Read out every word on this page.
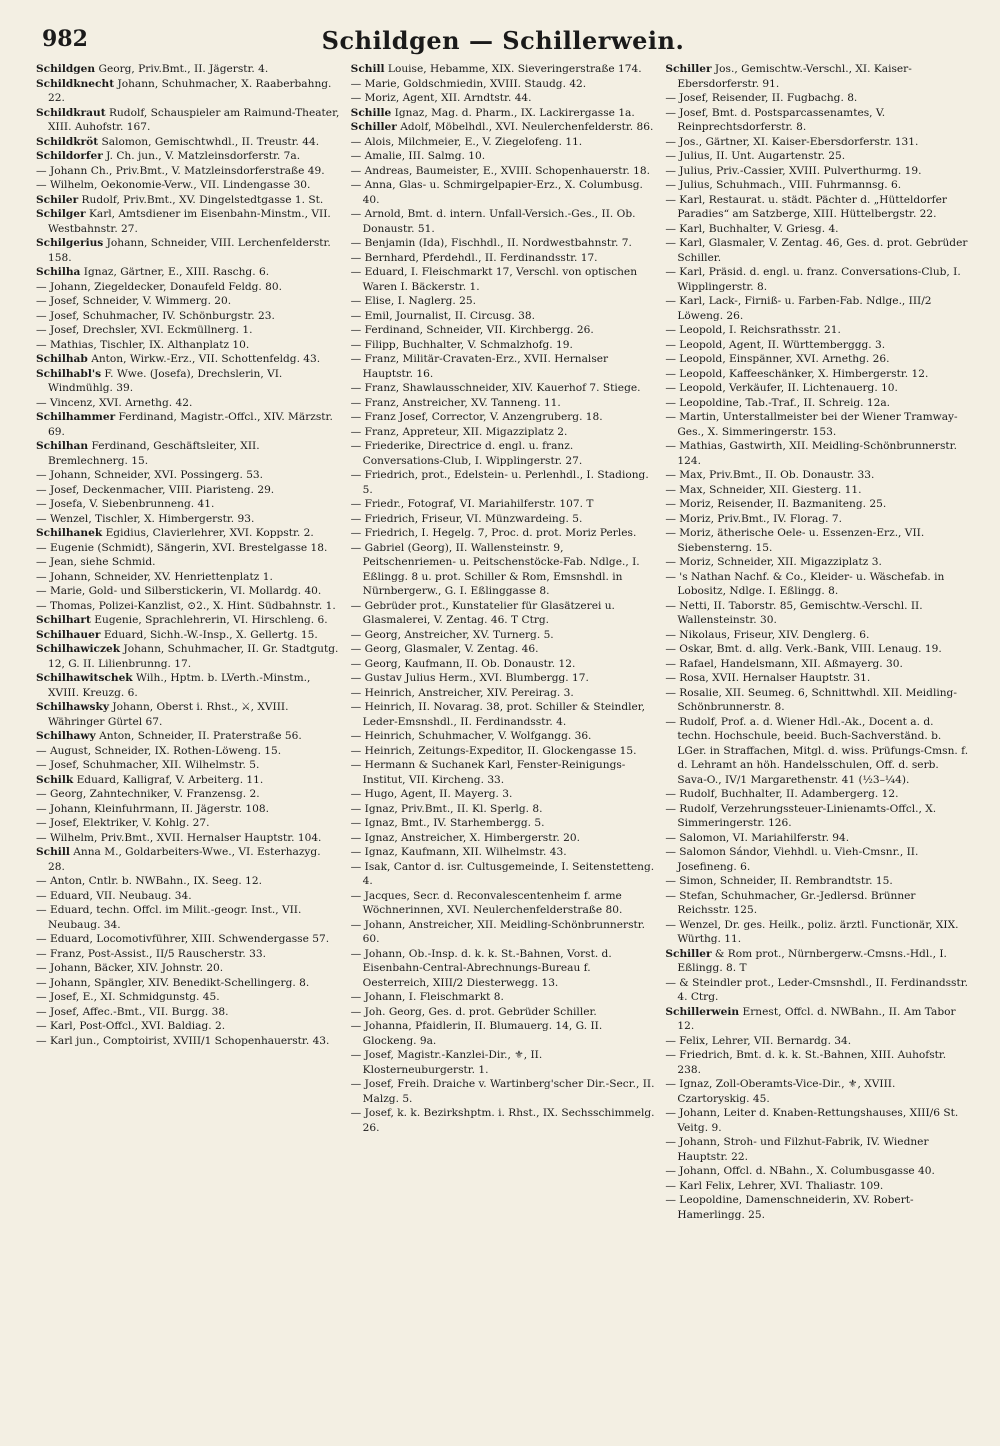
982	Schildgen — Schillerwein.

Schildgen Georg, Priv.Bmt., II. Jägerstr. 4.

Schildknecht Johann, Schuhmacher, X. Raaberbahng. 22.

Schildkraut Rudolf, Schauspieler am Raimund-Theater, XIII. Auhofstr. 167.

Schildkröt Salomon, Gemischtwhdl., II. Treustr. 44.

Schildorfer J. Ch. jun., V. Matzleinsdorferstr. 7a.

— Johann Ch., Priv.Bmt., V. Matzleinsdorferstraße 49.

— Wilhelm, Oekonomie-Verw., VII. Lindengasse 30.

Schiler Rudolf, Priv.Bmt., XV. Dingelstedtgasse 1. St.

Schilger Karl, Amtsdiener im Eisenbahn-Minstm., VII. Westbahnstr. 27.

Schilgerius Johann, Schneider, VIII. Lerchenfelderstr. 158.

Schilha Ignaz, Gärtner, E., XIII. Raschg. 6.

— Johann, Ziegeldecker, Donaufeld Feldg. 80.

— Josef, Schneider, V. Wimmerg. 20.

— Josef, Schuhmacher, IV. Schönburgstr. 23.

— Josef, Drechsler, XVI. Eckmüllnerg. 1.

— Mathias, Tischler, IX. Althanplatz 10.

Schilhab Anton, Wirkw.-Erz., VII. Schottenfeldg. 43.

Schilhabl's F. Wwe. (Josefa), Drechslerin, VI. Windmühlg. 39.

— Vincenz, XVI. Arnethg. 42.

Schilhammer Ferdinand, Magistr.-Offcl., XIV. Märzstr. 69.

Schilhan Ferdinand, Geschäftsleiter, XII. Bremlechnerg. 15.

— Johann, Schneider, XVI. Possingerg. 53.

— Josef, Deckenmacher, VIII. Piaristeng. 29.

— Josefa, V. Siebenbrunneng. 41.

— Wenzel, Tischler, X. Himbergerstr. 93.

Schilhanek Egidius, Clavierlehrer, XVI. Koppstr. 2.

— Eugenie (Schmidt), Sängerin, XVI. Brestelgasse 18.

— Jean, siehe Schmid.

— Johann, Schneider, XV. Henriettenplatz 1.

— Marie, Gold- und Silberstickerin, VI. Mollardg. 40.

— Thomas, Polizei-Kanzlist, ⊙2., X. Hint. Südbahnstr. 1.

Schilhart Eugenie, Sprachlehrerin, VI. Hirschleng. 6.

Schilhauer Eduard, Sichh.-W.-Insp., X. Gellertg. 15.

Schilhawiczek Johann, Schuhmacher, II. Gr. Stadtgutg. 12, G. II. Lilienbrunng. 17.

Schilhawitschek Wilh., Hptm. b. LVerth.-Minstm., XVIII. Kreuzg. 6.

Schilhawsky Johann, Oberst i. Rhst., ⚔, XVIII. Währinger Gürtel 67.

Schilhawy Anton, Schneider, II. Praterstraße 56.

— August, Schneider, IX. Rothen-Löweng. 15.

— Josef, Schuhmacher, XII. Wilhelmstr. 5.

Schilk Eduard, Kalligraf, V. Arbeiterg. 11.

— Georg, Zahntechniker, V. Franzensg. 2.

— Johann, Kleinfuhrmann, II. Jägerstr. 108.

— Josef, Elektriker, V. Kohlg. 27.

— Wilhelm, Priv.Bmt., XVII. Hernalser Hauptstr. 104.

Schill Anna M., Goldarbeiters-Wwe., VI. Esterhazyg. 28.

— Anton, Cntlr. b. NWBahn., IX. Seeg. 12.

— Eduard, VII. Neubaug. 34.

— Eduard, techn. Offcl. im Milit.-geogr. Inst., VII. Neubaug. 34.

— Eduard, Locomotivführer, XIII. Schwendergasse 57.

— Franz, Post-Assist., II/5 Rauscherstr. 33.

— Johann, Bäcker, XIV. Johnstr. 20.

— Johann, Spängler, XIV. Benedikt-Schellingerg. 8.

— Josef, E., XI. Schmidgunstg. 45.

— Josef, Affec.-Bmt., VII. Burgg. 38.

— Karl, Post-Offcl., XVI. Baldiag. 2.

— Karl jun., Comptoirist, XVIII/1 Schopenhauerstr. 43.

Schill Louise, Hebamme, XIX. Sieveringerstraße 174.

— Marie, Goldschmiedin, XVIII. Staudg. 42.

— Moriz, Agent, XII. Arndtstr. 44.

Schille Ignaz, Mag. d. Pharm., IX. Lackirergasse 1a.

Schiller Adolf, Möbelhdl., XVI. Neulerchenfelderstr. 86.

— Alois, Milchmeier, E., V. Ziegelofeng. 11.

— Amalie, III. Salmg. 10.

— Andreas, Baumeister, E., XVIII. Schopenhauerstr. 18.

— Anna, Glas- u. Schmirgelpapier-Erz., X. Columbusg. 40.

— Arnold, Bmt. d. intern. Unfall-Versich.-Ges., II. Ob. Donaustr. 51.

— Benjamin (Ida), Fischhdl., II. Nordwestbahnstr. 7.

— Bernhard, Pferdehdl., II. Ferdinandsstr. 17.

— Eduard, I. Fleischmarkt 17, Verschl. von optischen Waren I. Bäckerstr. 1.

— Elise, I. Naglerg. 25.

— Emil, Journalist, II. Circusg. 38.

— Ferdinand, Schneider, VII. Kirchbergg. 26.

— Filipp, Buchhalter, V. Schmalzhofg. 19.

— Franz, Militär-Cravaten-Erz., XVII. Hernalser Hauptstr. 16.

— Franz, Shawlausschneider, XIV. Kauerhof 7. Stiege.

— Franz, Anstreicher, XV. Tanneng. 11.

— Franz Josef, Corrector, V. Anzengruberg. 18.

— Franz, Appreteur, XII. Migazziplatz 2.

— Friederike, Directrice d. engl. u. franz. Conversations-Club, I. Wipplingerstr. 27.

— Friedrich, prot., Edelstein- u. Perlenhdl., I. Stadiong. 5.

— Friedr., Fotograf, VI. Mariahilferstr. 107. T

— Friedrich, Friseur, VI. Münzwardeing. 5.

— Friedrich, I. Hegelg. 7, Proc. d. prot. Moriz Perles.

— Gabriel (Georg), II. Wallensteinstr. 9, Peitschenriemen- u. Peitschenstöcke-Fab. Ndlge., I. Eßlingg. 8 u. prot. Schiller & Rom, Emsnshdl. in Nürnbergerw., G. I. Eßlinggasse 8.

— Gebrüder prot., Kunstatelier für Glasätzerei u. Glasmalerei, V. Zentag. 46. T Ctrg.

— Georg, Anstreicher, XV. Turnerg. 5.

— Georg, Glasmaler, V. Zentag. 46.

— Georg, Kaufmann, II. Ob. Donaustr. 12.

— Gustav Julius Herm., XVI. Blumbergg. 17.

— Heinrich, Anstreicher, XIV. Pereirag. 3.

— Heinrich, II. Novarag. 38, prot. Schiller & Steindler, Leder-Emsnshdl., II. Ferdinandsstr. 4.

— Heinrich, Schuhmacher, V. Wolfgangg. 36.

— Heinrich, Zeitungs-Expeditor, II. Glockengasse 15.

— Hermann & Suchanek Karl, Fenster-Reinigungs-Institut, VII. Kircheng. 33.

— Hugo, Agent, II. Mayerg. 3.

— Ignaz, Priv.Bmt., II. Kl. Sperlg. 8.

— Ignaz, Bmt., IV. Starhembergg. 5.

— Ignaz, Anstreicher, X. Himbergerstr. 20.

— Ignaz, Kaufmann, XII. Wilhelmstr. 43.

— Isak, Cantor d. isr. Cultusgemeinde, I. Seitenstetteng. 4.

— Jacques, Secr. d. Reconvalescentenheim f. arme Wöchnerinnen, XVI. Neulerchenfelderstraße 80.

— Johann, Anstreicher, XII. Meidling-Schönbrunnerstr. 60.

— Johann, Ob.-Insp. d. k. k. St.-Bahnen, Vorst. d. Eisenbahn-Central-Abrechnungs-Bureau f. Oesterreich, XIII/2 Diesterwegg. 13.

— Johann, I. Fleischmarkt 8.

— Joh. Georg, Ges. d. prot. Gebrüder Schiller.

— Johanna, Pfaidlerin, II. Blumauerg. 14, G. II. Glockeng. 9a.

— Josef, Magistr.-Kanzlei-Dir., ⚜, II. Klosterneuburgerstr. 1.

— Josef, Freih. Draiche v. Wartinberg'scher Dir.-Secr., II. Malzg. 5.

— Josef, k. k. Bezirkshptm. i. Rhst., IX. Sechsschimmelg. 26.

Schiller Jos., Gemischtw.-Verschl., XI. Kaiser-Ebersdorferstr. 91.

— Josef, Reisender, II. Fugbachg. 8.

— Josef, Bmt. d. Postsparcassenamtes, V. Reinprechtsdorferstr. 8.

— Jos., Gärtner, XI. Kaiser-Ebersdorferstr. 131.

— Julius, II. Unt. Augartenstr. 25.

— Julius, Priv.-Cassier, XVIII. Pulverthurmg. 19.

— Julius, Schuhmach., VIII. Fuhrmannsg. 6.

— Karl, Restaurat. u. städt. Pächter d. „Hütteldorfer Paradies“ am Satzberge, XIII. Hüttelbergstr. 22.

— Karl, Buchhalter, V. Griesg. 4.

— Karl, Glasmaler, V. Zentag. 46, Ges. d. prot. Gebrüder Schiller.

— Karl, Präsid. d. engl. u. franz. Conversations-Club, I. Wipplingerstr. 8.

— Karl, Lack-, Firniß- u. Farben-Fab. Ndlge., III/2 Löweng. 26.

— Leopold, I. Reichsrathsstr. 21.

— Leopold, Agent, II. Württemberggg. 3.

— Leopold, Einspänner, XVI. Arnethg. 26.

— Leopold, Kaffeeschänker, X. Himbergerstr. 12.

— Leopold, Verkäufer, II. Lichtenauerg. 10.

— Leopoldine, Tab.-Traf., II. Schreig. 12a.

— Martin, Unterstallmeister bei der Wiener Tramway-Ges., X. Simmeringerstr. 153.

— Mathias, Gastwirth, XII. Meidling-Schönbrunnerstr. 124.

— Max, Priv.Bmt., II. Ob. Donaustr. 33.

— Max, Schneider, XII. Giesterg. 11.

— Moriz, Reisender, II. Bazmaniteng. 25.

— Moriz, Priv.Bmt., IV. Florag. 7.

— Moriz, ätherische Oele- u. Essenzen-Erz., VII. Siebensterng. 15.

— Moriz, Schneider, XII. Migazziplatz 3.

— 's Nathan Nachf. & Co., Kleider- u. Wäschefab. in Lobositz, Ndlge. I. Eßlingg. 8.

— Netti, II. Taborstr. 85, Gemischtw.-Verschl. II. Wallensteinstr. 30.

— Nikolaus, Friseur, XIV. Denglerg. 6.

— Oskar, Bmt. d. allg. Verk.-Bank, VIII. Lenaug. 19.

— Rafael, Handelsmann, XII. Aßmayerg. 30.

— Rosa, XVII. Hernalser Hauptstr. 31.

— Rosalie, XII. Seumeg. 6, Schnittwhdl. XII. Meidling-Schönbrunnerstr. 8.

— Rudolf, Prof. a. d. Wiener Hdl.-Ak., Docent a. d. techn. Hochschule, beeid. Buch-Sachverständ. b. LGer. in Straffachen, Mitgl. d. wiss. Prüfungs-Cmsn. f. d. Lehramt an höh. Handelsschulen, Off. d. serb. Sava-O., IV/1 Margarethenstr. 41 (½3–¼4).

— Rudolf, Buchhalter, II. Adambergerg. 12.

— Rudolf, Verzehrungssteuer-Linienamts-Offcl., X. Simmeringerstr. 126.

— Salomon, VI. Mariahilferstr. 94.

— Salomon Sándor, Viehhdl. u. Vieh-Cmsnr., II. Josefineng. 6.

— Simon, Schneider, II. Rembrandtstr. 15.

— Stefan, Schuhmacher, Gr.-Jedlersd. Brünner Reichsstr. 125.

— Wenzel, Dr. ges. Heilk., poliz. ärztl. Functionär, XIX. Würthg. 11.

Schiller & Rom prot., Nürnbergerw.-Cmsns.-Hdl., I. Eßlingg. 8. T

— & Steindler prot., Leder-Cmsnshdl., II. Ferdinandsstr. 4. Ctrg.

Schillerwein Ernest, Offcl. d. NWBahn., II. Am Tabor 12.

— Felix, Lehrer, VII. Bernardg. 34.

— Friedrich, Bmt. d. k. k. St.-Bahnen, XIII. Auhofstr. 238.

— Ignaz, Zoll-Oberamts-Vice-Dir., ⚜, XVIII. Czartoryskig. 45.

— Johann, Leiter d. Knaben-Rettungshauses, XIII/6 St. Veitg. 9.

— Johann, Stroh- und Filzhut-Fabrik, IV. Wiedner Hauptstr. 22.

— Johann, Offcl. d. NBahn., X. Columbusgasse 40.

— Karl Felix, Lehrer, XVI. Thaliastr. 109.

— Leopoldine, Damenschneiderin, XV. Robert-Hamerlingg. 25.
